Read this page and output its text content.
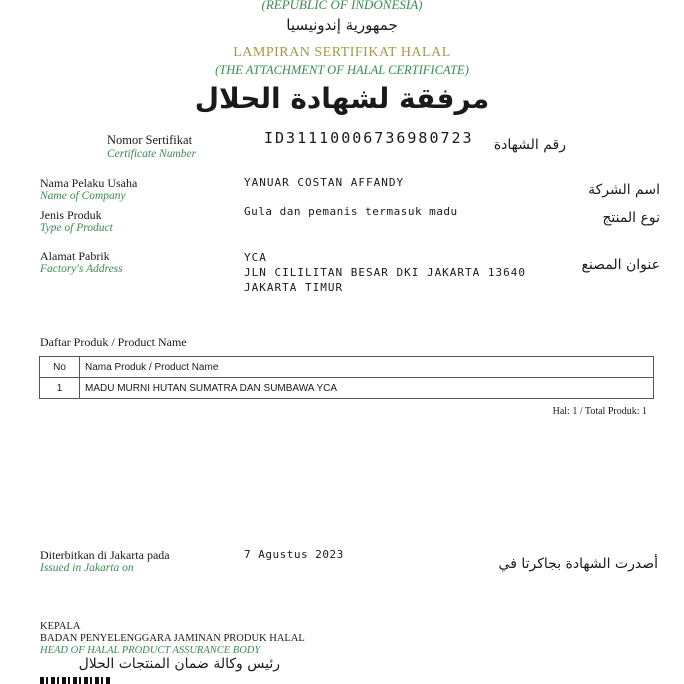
(REPUBLIC OF INDONESIA)
جمهورية إندونيسيا
LAMPIRAN SERTIFIKAT HALAL
(THE ATTACHMENT OF HALAL CERTIFICATE)
مرفقة لشهادة الحلال
Nomor Sertifikat
Certificate Number
ID31110006736980723 رقم الشهادة
Nama Pelaku Usaha
Name of Company
YANUAR COSTAN AFFANDY	اسم الشركة
Jenis Produk
Type of Product
Gula dan pemanis termasuk madu	نوع المنتج
Alamat Pabrik
Factory's Address
YCA
JLN CILILITAN BESAR DKI JAKARTA 13640
JAKARTA TIMUR
عنوان المصنع
Daftar Produk / Product Name
No	Nama Produk / Product Name
1	MADU MURNI HUTAN SUMATRA DAN SUMBAWA YCA
Hal: 1 / Total Produk: 1
Diterbitkan di Jakarta pada
Issued in Jakarta on
7 Agustus 2023
أصدرت الشهادة بجاكرتا في
KEPALA
BADAN PENYELENGGARA JAMINAN PRODUK HALAL
HEAD OF HALAL PRODUCT ASSURANCE BODY
رئيس وكالة ضمان المنتجات الحلال
